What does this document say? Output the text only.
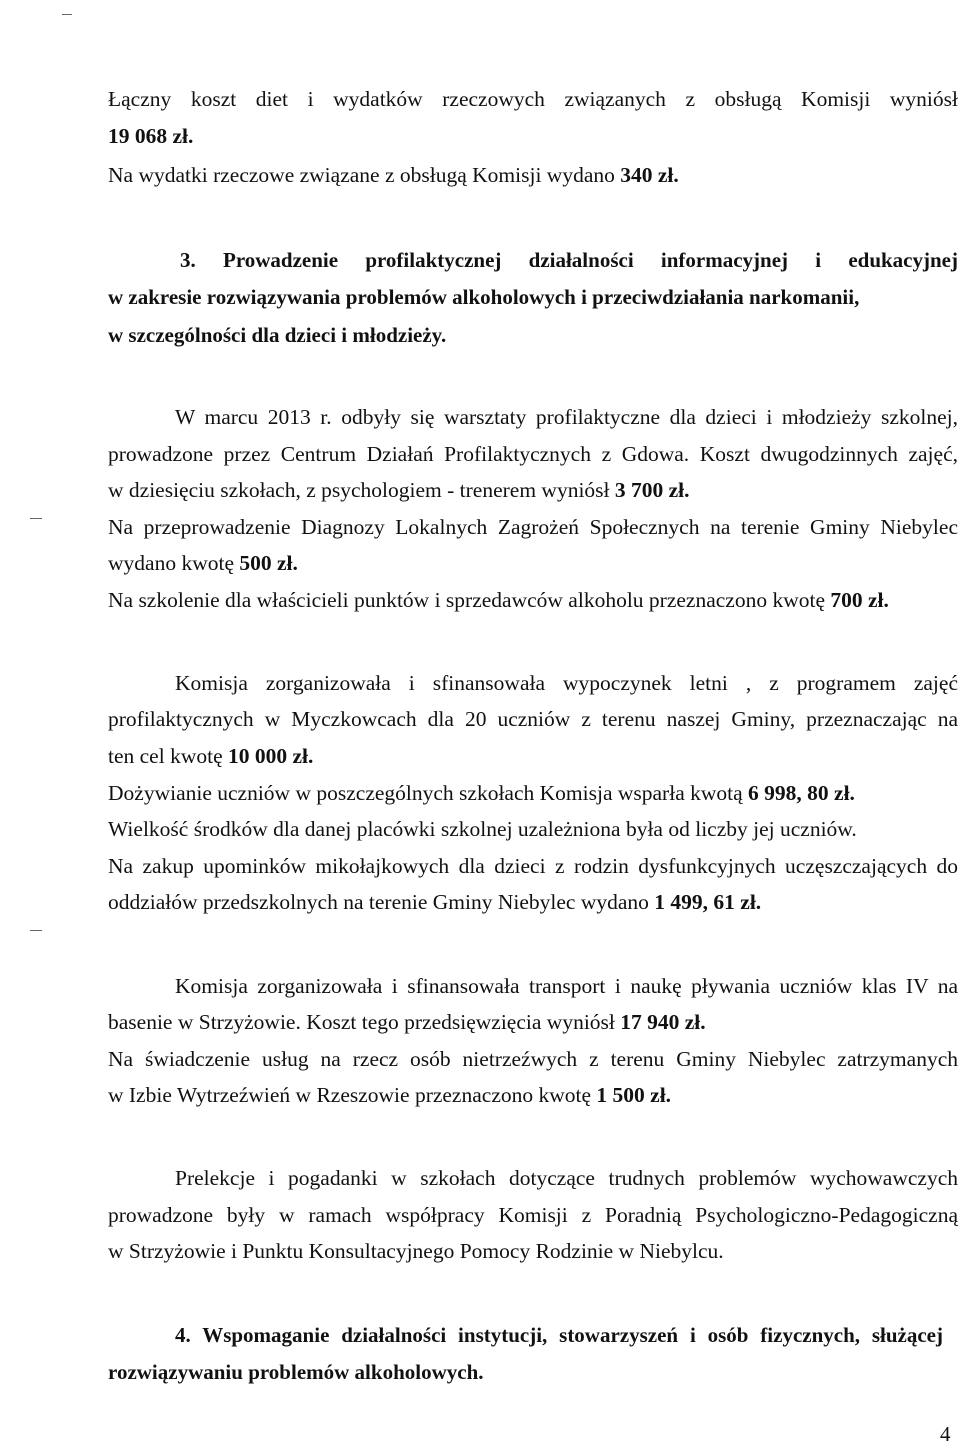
Łączny koszt diet i wydatków rzeczowych związanych z obsługą Komisji wyniósł
19 068 zł.
Na wydatki rzeczowe związane z obsługą Komisji wydano 340 zł.
3. Prowadzenie profilaktycznej działalności informacyjnej i edukacyjnej
w zakresie rozwiązywania problemów alkoholowych i przeciwdziałania narkomanii,
w szczególności dla dzieci i młodzieży.
W marcu 2013 r. odbyły się warsztaty profilaktyczne dla dzieci i młodzieży szkolnej,
prowadzone przez Centrum Działań Profilaktycznych z Gdowa. Koszt dwugodzinnych zajęć,
w dziesięciu szkołach, z psychologiem - trenerem wyniósł 3 700 zł.
Na przeprowadzenie Diagnozy Lokalnych Zagrożeń Społecznych na terenie Gminy Niebylec
wydano kwotę 500 zł.
Na szkolenie dla właścicieli punktów i sprzedawców alkoholu przeznaczono kwotę 700 zł.
Komisja zorganizowała i sfinansowała wypoczynek letni , z programem zajęć
profilaktycznych w Myczkowcach dla 20 uczniów z terenu naszej Gminy, przeznaczając na
ten cel kwotę 10 000 zł.
Dożywianie uczniów w poszczególnych szkołach Komisja wsparła kwotą 6 998, 80 zł.
Wielkość środków dla danej placówki szkolnej uzależniona była od liczby jej uczniów.
Na zakup upominków mikołajkowych dla dzieci z rodzin dysfunkcyjnych uczęszczających do
oddziałów przedszkolnych na terenie Gminy Niebylec wydano 1 499, 61 zł.
Komisja zorganizowała i sfinansowała transport i naukę pływania uczniów klas IV na
basenie w Strzyżowie. Koszt tego przedsięwzięcia wyniósł 17 940 zł.
Na świadczenie usług na rzecz osób nietrzeźwych z terenu Gminy Niebylec zatrzymanych
w Izbie Wytrzeźwień w Rzeszowie przeznaczono kwotę 1 500 zł.
Prelekcje i pogadanki w szkołach dotyczące trudnych problemów wychowawczych
prowadzone były w ramach współpracy Komisji z Poradnią Psychologiczno-Pedagogiczną
w Strzyżowie i Punktu Konsultacyjnego Pomocy Rodzinie w Niebylcu.
4. Wspomaganie działalności instytucji, stowarzyszeń i osób fizycznych, służącej
rozwiązywaniu problemów alkoholowych.
4
